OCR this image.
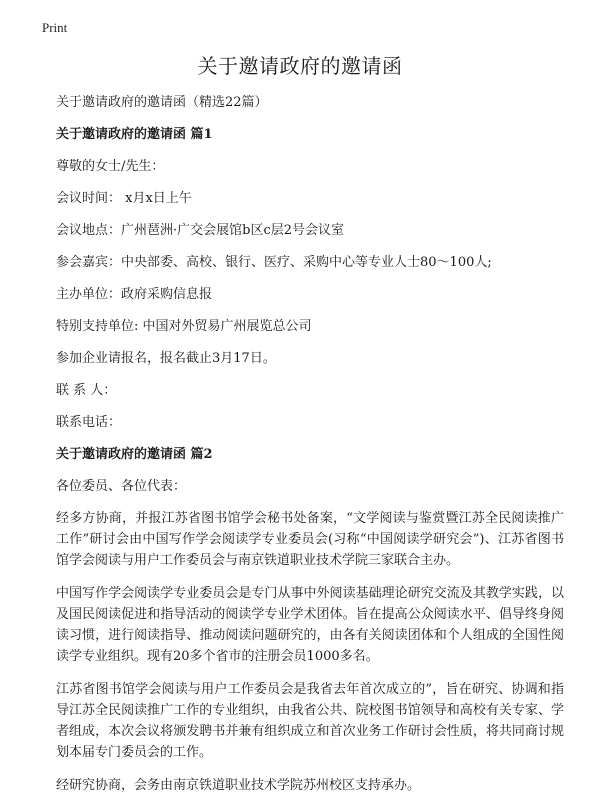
Print
关于邀请政府的邀请函
关于邀请政府的邀请函（精选22篇）
关于邀请政府的邀请函 篇1
尊敬的女士/先生：
会议时间： x月x日上午
会议地点：广州琶洲·广交会展馆b区c层2号会议室
参会嘉宾：中央部委、高校、银行、医疗、采购中心等专业人士80～100人;
主办单位：政府采购信息报
特别支持单位: 中国对外贸易广州展览总公司
参加企业请报名，报名截止3月17日。
联 系 人：
联系电话：
关于邀请政府的邀请函 篇2
各位委员、各位代表：
经多方协商，并报江苏省图书馆学会秘书处备案，“文学阅读与鉴赏暨江苏全民阅读推广工作”研讨会由中国写作学会阅读学专业委员会(习称“中国阅读学研究会”)、江苏省图书馆学会阅读与用户工作委员会与南京铁道职业技术学院三家联合主办。
中国写作学会阅读学专业委员会是专门从事中外阅读基础理论研究交流及其教学实践，以及国民阅读促进和指导活动的阅读学专业学术团体。旨在提高公众阅读水平、倡导终身阅读习惯，进行阅读指导、推动阅读问题研究的，由各有关阅读团体和个人组成的全国性阅读学专业组织。现有20多个省市的注册会员1000多名。
江苏省图书馆学会阅读与用户工作委员会是我省去年首次成立的”，旨在研究、协调和指导江苏全民阅读推广工作的专业组织，由我省公共、院校图书馆领导和高校有关专家、学者组成，本次会议将颁发聘书并兼有组织成立和首次业务工作研讨会性质，将共同商讨规划本届专门委员会的工作。
经研究协商，会务由南京铁道职业技术学院苏州校区支持承办。
